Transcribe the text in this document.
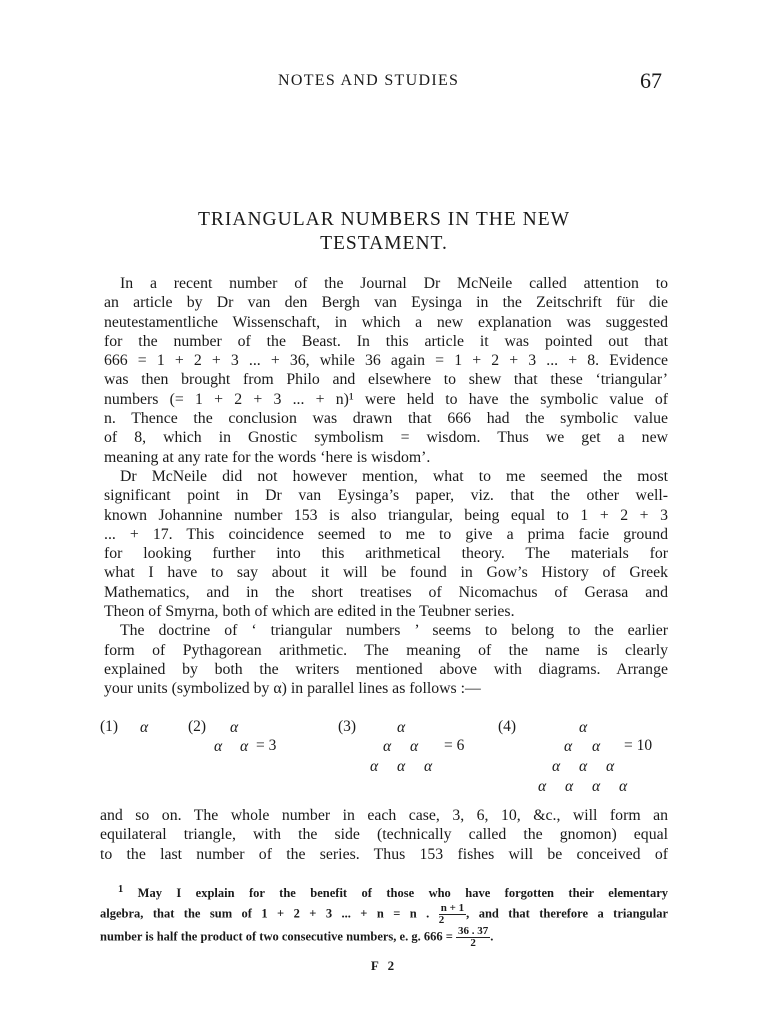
NOTES AND STUDIES	67
TRIANGULAR NUMBERS IN THE NEW
TESTAMENT.
In a recent number of the Journal Dr McNeile called attention to
an article by Dr van den Bergh van Eysinga in the Zeitschrift für die
neutestamentliche Wissenschaft, in which a new explanation was suggested
for the number of the Beast. In this article it was pointed out that
666 = 1 + 2 + 3 ... + 36, while 36 again = 1 + 2 + 3 ... + 8. Evidence
was then brought from Philo and elsewhere to shew that these ‘triangular’
numbers (= 1 + 2 + 3 ... + n)¹ were held to have the symbolic value of
n. Thence the conclusion was drawn that 666 had the symbolic value
of 8, which in Gnostic symbolism = wisdom. Thus we get a new
meaning at any rate for the words ‘here is wisdom’.
Dr McNeile did not however mention, what to me seemed the most
significant point in Dr van Eysinga’s paper, viz. that the other well-
known Johannine number 153 is also triangular, being equal to 1 + 2 + 3
... + 17. This coincidence seemed to me to give a prima facie ground
for looking further into this arithmetical theory. The materials for
what I have to say about it will be found in Gow’s History of Greek
Mathematics, and in the short treatises of Nicomachus of Gerasa and
Theon of Smyrna, both of which are edited in the Teubner series.
The doctrine of ‘ triangular numbers ’ seems to belong to the earlier
form of Pythagorean arithmetic. The meaning of the name is clearly
explained by both the writers mentioned above with diagrams. Arrange
your units (symbolized by α) in parallel lines as follows :—
(1) α	(2) α
α α = 3
(3)	α
α α = 6
α α α
(4)	α
α α = 10
α α α
α α α α
and so on. The whole number in each case, 3, 6, 10, &c., will form an
equilateral triangle, with the side (technically called the gnomon) equal
to the last number of the series. Thus 153 fishes will be conceived of
$^1$ May I explain for the benefit of those who have forgotten their elementary
algebra, that the sum of 1 + 2 + 3 ... + n = n . $\frac{n + 1}{2}$ , and that therefore a triangular
number is half the product of two consecutive numbers, e. g. $666 = \frac{36 . 37}{2}$ .
F 2
